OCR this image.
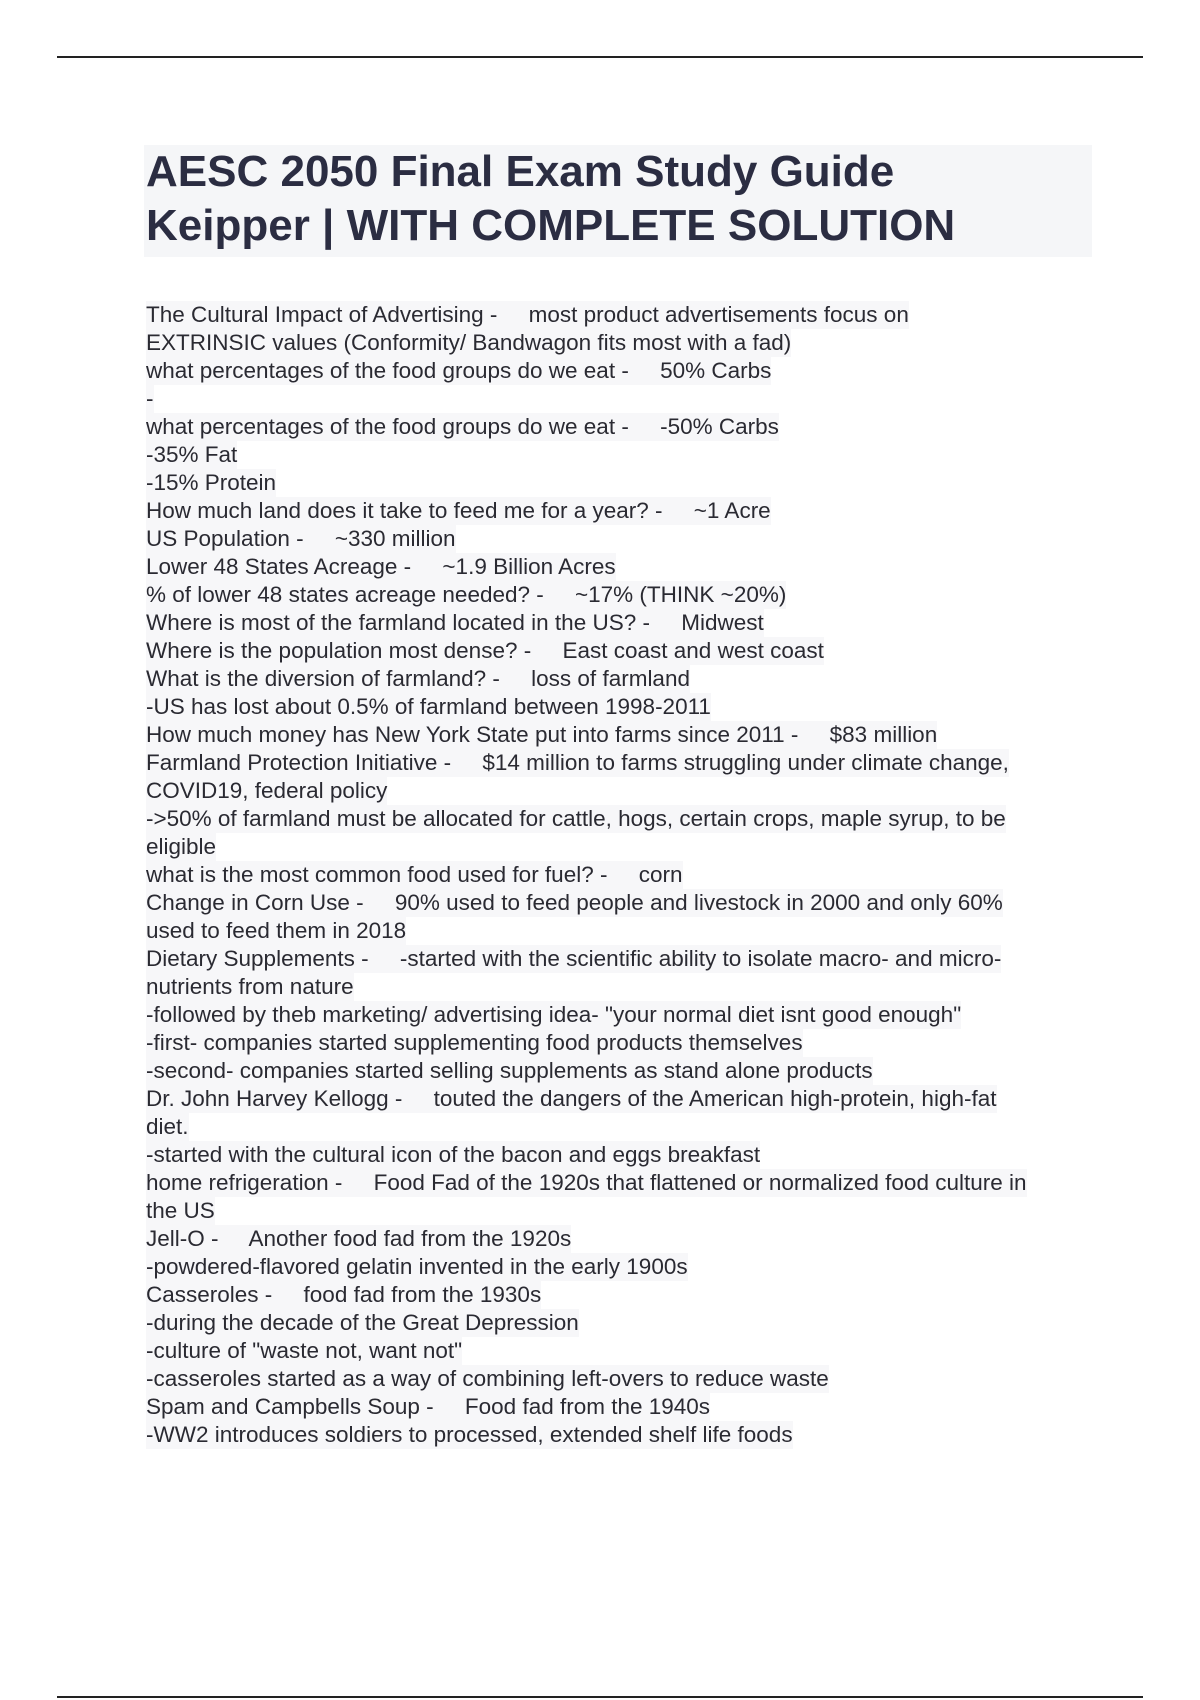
AESC 2050 Final Exam Study Guide
Keipper | WITH COMPLETE SOLUTION
The Cultural Impact of Advertising -     most product advertisements focus on
EXTRINSIC values (Conformity/ Bandwagon fits most with a fad)
what percentages of the food groups do we eat -     50% Carbs
-
what percentages of the food groups do we eat -     -50% Carbs
-35% Fat
-15% Protein
How much land does it take to feed me for a year? -     ~1 Acre
US Population -     ~330 million
Lower 48 States Acreage -     ~1.9 Billion Acres
% of lower 48 states acreage needed? -     ~17% (THINK ~20%)
Where is most of the farmland located in the US? -     Midwest
Where is the population most dense? -     East coast and west coast
What is the diversion of farmland? -     loss of farmland
-US has lost about 0.5% of farmland between 1998-2011
How much money has New York State put into farms since 2011 -     $83 million
Farmland Protection Initiative -     $14 million to farms struggling under climate change,
COVID19, federal policy
->50% of farmland must be allocated for cattle, hogs, certain crops, maple syrup, to be
eligible
what is the most common food used for fuel? -     corn
Change in Corn Use -     90% used to feed people and livestock in 2000 and only 60%
used to feed them in 2018
Dietary Supplements -     -started with the scientific ability to isolate macro- and micro-
nutrients from nature
-followed by theb marketing/ advertising idea- "your normal diet isnt good enough"
-first- companies started supplementing food products themselves
-second- companies started selling supplements as stand alone products
Dr. John Harvey Kellogg -     touted the dangers of the American high-protein, high-fat
diet.
-started with the cultural icon of the bacon and eggs breakfast
home refrigeration -     Food Fad of the 1920s that flattened or normalized food culture in
the US
Jell-O -     Another food fad from the 1920s
-powdered-flavored gelatin invented in the early 1900s
Casseroles -     food fad from the 1930s
-during the decade of the Great Depression
-culture of "waste not, want not"
-casseroles started as a way of combining left-overs to reduce waste
Spam and Campbells Soup -     Food fad from the 1940s
-WW2 introduces soldiers to processed, extended shelf life foods
